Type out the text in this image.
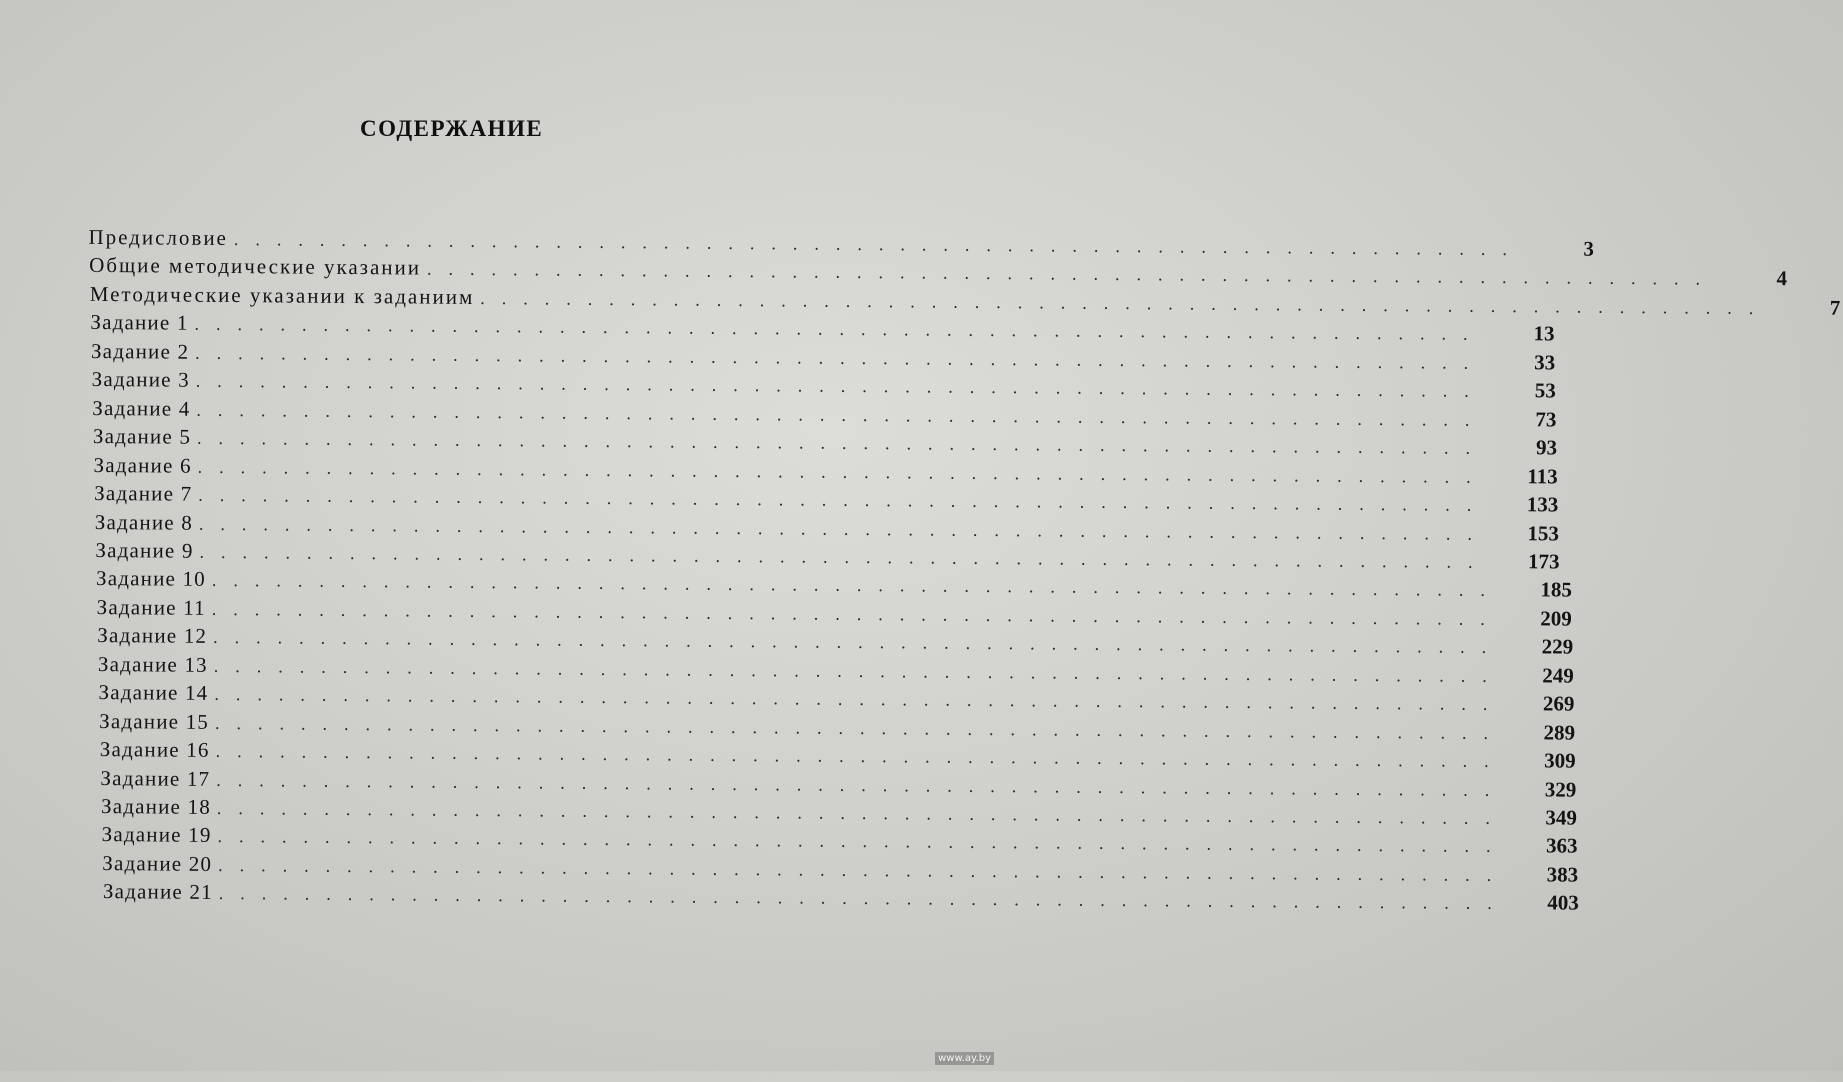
СОДЕРЖАНИЕ
Предисловие ............................................................	3
Общие методические указании ............................................................	4
Методические указании к заданиим ............................................................	7
Задание 1 ............................................................	13
Задание 2 ............................................................	33
Задание 3 ............................................................	53
Задание 4 ............................................................	73
Задание 5 ............................................................	93
Задание 6 ............................................................	113
Задание 7 ............................................................	133
Задание 8 ............................................................	153
Задание 9 ............................................................	173
Задание 10 ............................................................	185
Задание 11 ............................................................	209
Задание 12 ............................................................	229
Задание 13 ............................................................	249
Задание 14 ............................................................	269
Задание 15 ............................................................	289
Задание 16 ............................................................	309
Задание 17 ............................................................	329
Задание 18 ............................................................	349
Задание 19 ............................................................	363
Задание 20 ............................................................	383
Задание 21 ............................................................	403
www.ay.by
